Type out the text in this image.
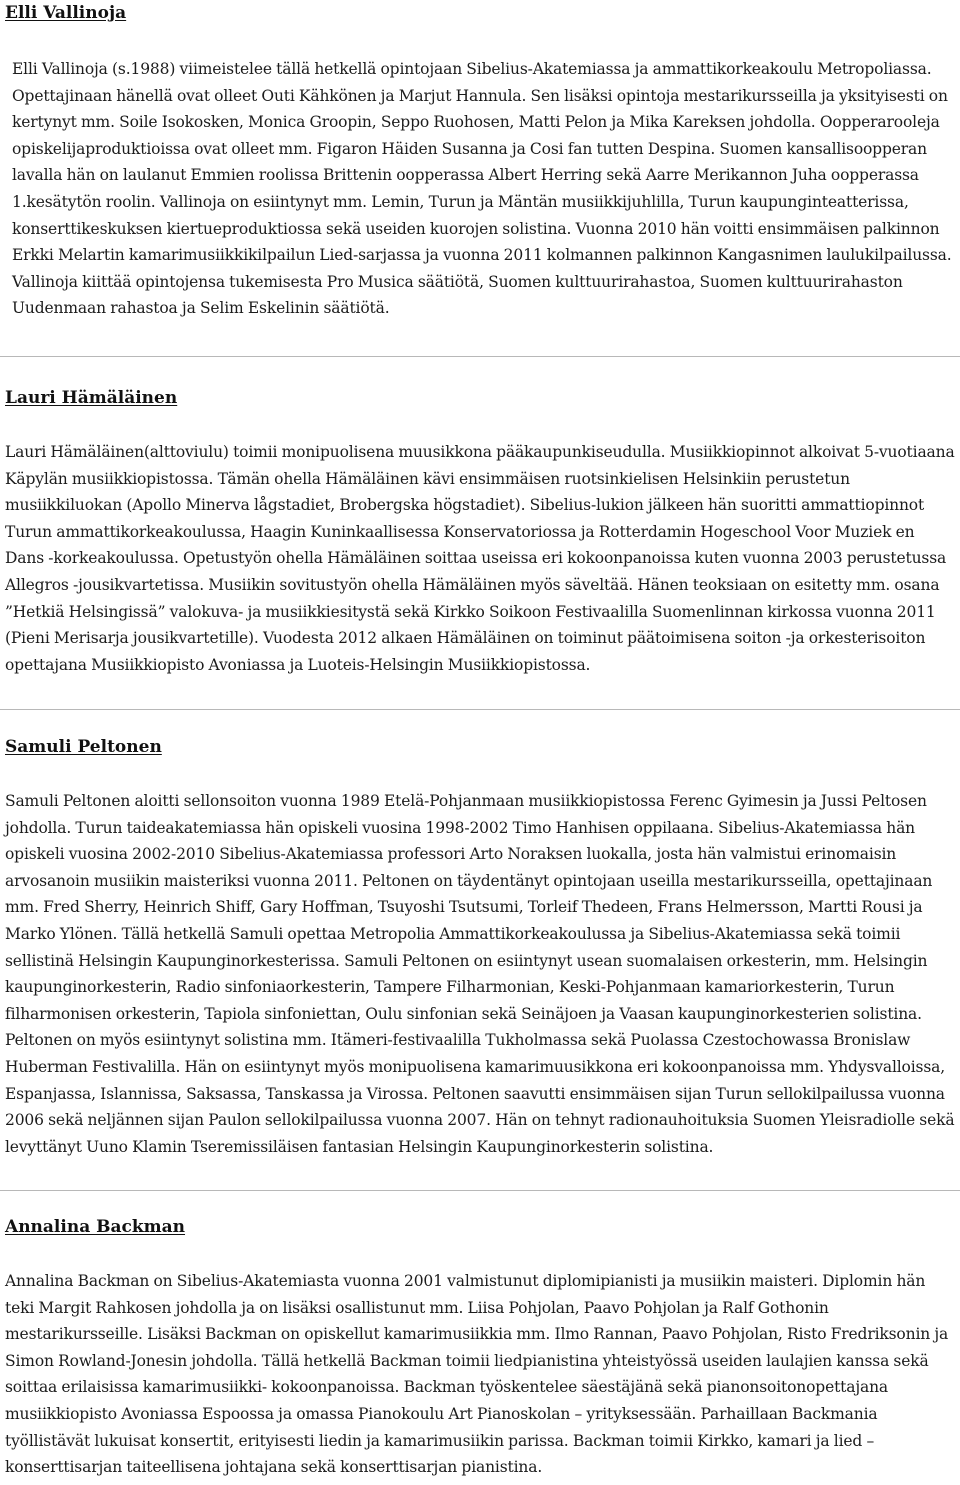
Elli Vallinoja

Elli Vallinoja (s.1988) viimeistelee tällä hetkellä opintojaan Sibelius-Akatemiassa ja ammattikorkeakoulu Metropoliassa. Opettajinaan hänellä ovat olleet Outi Kähkönen ja Marjut Hannula. Sen lisäksi opintoja mestarikursseilla ja yksityisesti on kertynyt mm. Soile Isokosken, Monica Groopin, Seppo Ruohosen, Matti Pelon ja Mika Kareksen johdolla. Oopperarooleja opiskelijaproduktioissa ovat olleet mm. Figaron Häiden Susanna ja Cosi fan tutten Despina. Suomen kansallisoopperan lavalla hän on laulanut Emmien roolissa Brittenin oopperassa Albert Herring sekä Aarre Merikannon Juha oopperassa 1.kesätytön roolin. Vallinoja on esiintynyt mm. Lemin, Turun ja Mäntän musiikkijuhlilla, Turun kaupunginteatterissa, konserttikeskuksen kiertueproduktiossa sekä useiden kuorojen solistina. Vuonna 2010 hän voitti ensimmäisen palkinnon Erkki Melartin kamarimusiikkikilpailun Lied-sarjassa ja vuonna 2011 kolmannen palkinnon Kangasnimen laulukilpailussa. Vallinoja kiittää opintojensa tukemisesta Pro Musica säätiötä, Suomen kulttuurirahastoa, Suomen kulttuurirahaston Uudenmaan rahastoa ja Selim Eskelinin säätiötä.

Lauri Hämäläinen

Lauri Hämäläinen(alttoviulu) toimii monipuolisena muusikkona pääkaupunkiseudulla. Musiikkiopinnot alkoivat 5-vuotiaana Käpylän musiikkiopistossa. Tämän ohella Hämäläinen kävi ensimmäisen ruotsinkielisen Helsinkiin perustetun musiikkiluokan (Apollo Minerva lågstadiet, Brobergska högstadiet). Sibelius-lukion jälkeen hän suoritti ammattiopinnot Turun ammattikorkeakoulussa, Haagin Kuninkaallisessa Konservatoriossa ja Rotterdamin Hogeschool Voor Muziek en Dans -korkeakoulussa. Opetustyön ohella Hämäläinen soittaa useissa eri kokoonpanoissa kuten vuonna 2003 perustetussa Allegros -jousikvartetissa. Musiikin sovitustyön ohella Hämäläinen myös säveltää. Hänen teoksiaan on esitetty mm. osana ”Hetkiä Helsingissä” valokuva- ja musiikkiesitystä sekä Kirkko Soikoon Festivaalilla Suomenlinnan kirkossa vuonna 2011 (Pieni Merisarja jousikvartetille). Vuodesta 2012 alkaen Hämäläinen on toiminut päätoimisena soiton -ja orkesterisoiton opettajana Musiikkiopisto Avoniassa ja Luoteis-Helsingin Musiikkiopistossa.

Samuli Peltonen

Samuli Peltonen aloitti sellonsoiton vuonna 1989 Etelä-Pohjanmaan musiikkiopistossa Ferenc Gyimesin ja Jussi Peltosen johdolla. Turun taideakatemiassa hän opiskeli vuosina 1998-2002 Timo Hanhisen oppilaana. Sibelius-Akatemiassa hän opiskeli vuosina 2002-2010 Sibelius-Akatemiassa professori Arto Noraksen luokalla, josta hän valmistui erinomaisin arvosanoin musiikin maisteriksi vuonna 2011. Peltonen on täydentänyt opintojaan useilla mestarikursseilla, opettajinaan mm. Fred Sherry, Heinrich Shiff, Gary Hoffman, Tsuyoshi Tsutsumi, Torleif Thedeen, Frans Helmersson, Martti Rousi ja Marko Ylönen. Tällä hetkellä Samuli opettaa Metropolia Ammattikorkeakoulussa ja Sibelius-Akatemiassa sekä toimii sellistinä Helsingin Kaupunginorkesterissa. Samuli Peltonen on esiintynyt usean suomalaisen orkesterin, mm. Helsingin kaupunginorkesterin, Radio sinfoniaorkesterin, Tampere Filharmonian, Keski-Pohjanmaan kamariorkesterin, Turun filharmonisen orkesterin, Tapiola sinfoniettan, Oulu sinfonian sekä Seinäjoen ja Vaasan kaupunginorkesterien solistina. Peltonen on myös esiintynyt solistina mm. Itämeri-festivaalilla Tukholmassa sekä Puolassa Czestochowassa Bronislaw Huberman Festivalilla. Hän on esiintynyt myös monipuolisena kamarimuusikkona eri kokoonpanoissa mm. Yhdysvalloissa, Espanjassa, Islannissa, Saksassa, Tanskassa ja Virossa. Peltonen saavutti ensimmäisen sijan Turun sellokilpailussa vuonna 2006 sekä neljännen sijan Paulon sellokilpailussa vuonna 2007. Hän on tehnyt radionauhoituksia Suomen Yleisradiolle sekä levyttänyt Uuno Klamin Tseremissiläisen fantasian Helsingin Kaupunginorkesterin solistina.

Annalina Backman

Annalina Backman on Sibelius-Akatemiasta vuonna 2001 valmistunut diplomipianisti ja musiikin maisteri. Diplomin hän teki Margit Rahkosen johdolla ja on lisäksi osallistunut mm. Liisa Pohjolan, Paavo Pohjolan ja Ralf Gothonin mestarikursseille. Lisäksi Backman on opiskellut kamarimusiikkia mm. Ilmo Rannan, Paavo Pohjolan, Risto Fredriksonin ja Simon Rowland-Jonesin johdolla. Tällä hetkellä Backman toimii liedpianistina yhteistyössä useiden laulajien kanssa sekä soittaa erilaisissa kamarimusiikki- kokoonpanoissa. Backman työskentelee säestäjänä sekä pianonsoitonopettajana musiikkiopisto Avoniassa Espoossa ja omassa Pianokoulu Art Pianoskolan – yrityksessään. Parhaillaan Backmania työllistävät lukuisat konsertit, erityisesti liedin ja kamarimusiikin parissa. Backman toimii Kirkko, kamari ja lied –konserttisarjan taiteellisena johtajana sekä konserttisarjan pianistina.
